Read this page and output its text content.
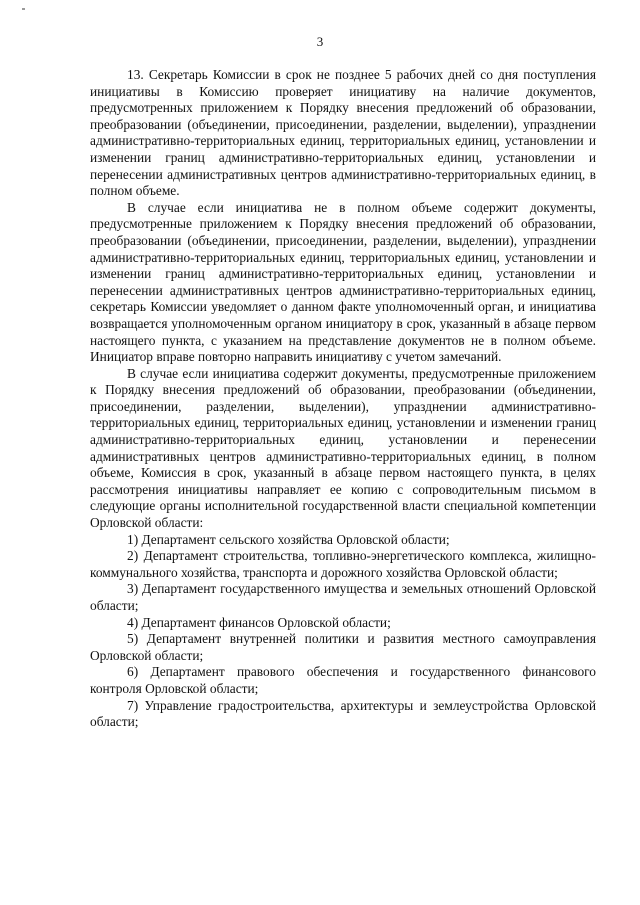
3

13. Секретарь Комиссии в срок не позднее 5 рабочих дней со дня поступления инициативы в Комиссию проверяет инициативу на наличие документов, предусмотренных приложением к Порядку внесения предложений об образовании, преобразовании (объединении, присоединении, разделении, выделении), упразднении административно-территориальных единиц, территориальных единиц, установлении и изменении границ административно-территориальных единиц, установлении и перенесении административных центров административно-территориальных единиц, в полном объеме.

В случае если инициатива не в полном объеме содержит документы, предусмотренные приложением к Порядку внесения предложений об образовании, преобразовании (объединении, присоединении, разделении, выделении), упразднении административно-территориальных единиц, территориальных единиц, установлении и изменении границ административно-территориальных единиц, установлении и перенесении административных центров административно-территориальных единиц, секретарь Комиссии уведомляет о данном факте уполномоченный орган, и инициатива возвращается уполномоченным органом инициатору в срок, указанный в абзаце первом настоящего пункта, с указанием на представление документов не в полном объеме. Инициатор вправе повторно направить инициативу с учетом замечаний.

В случае если инициатива содержит документы, предусмотренные приложением к Порядку внесения предложений об образовании, преобразовании (объединении, присоединении, разделении, выделении), упразднении административно-территориальных единиц, территориальных единиц, установлении и изменении границ административно-территориальных единиц, установлении и перенесении административных центров административно-территориальных единиц, в полном объеме, Комиссия в срок, указанный в абзаце первом настоящего пункта, в целях рассмотрения инициативы направляет ее копию с сопроводительным письмом в следующие органы исполнительной государственной власти специальной компетенции Орловской области:

1) Департамент сельского хозяйства Орловской области;

2) Департамент строительства, топливно-энергетического комплекса, жилищно-коммунального хозяйства, транспорта и дорожного хозяйства Орловской области;

3) Департамент государственного имущества и земельных отношений Орловской области;

4) Департамент финансов Орловской области;

5) Департамент внутренней политики и развития местного самоуправления Орловской области;

6) Департамент правового обеспечения и государственного финансового контроля Орловской области;

7) Управление градостроительства, архитектуры и землеустройства Орловской области;
